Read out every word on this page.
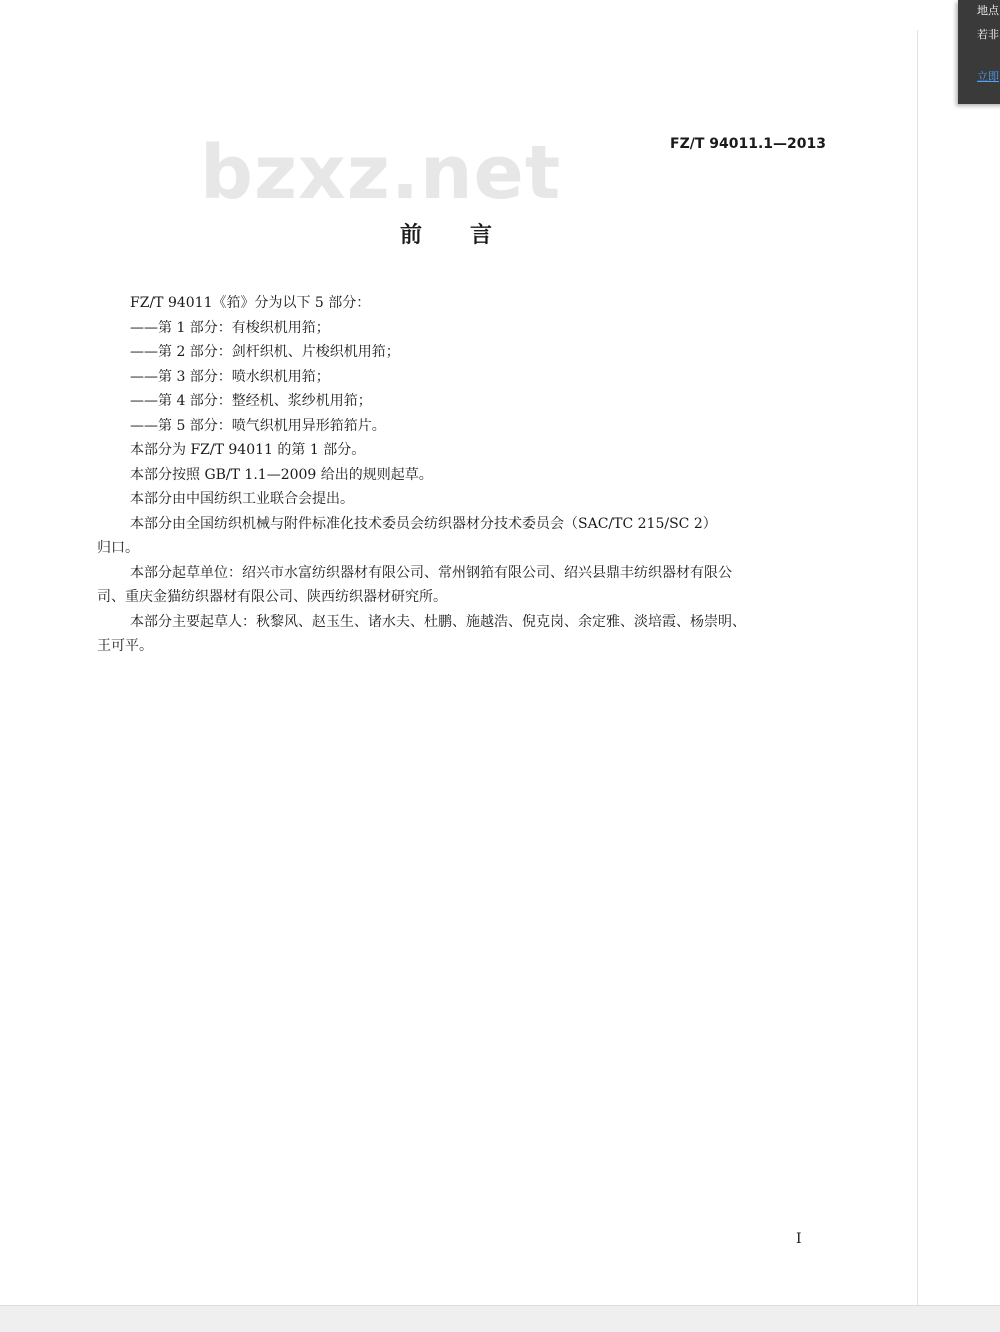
bzxz.net	FZ/T 94011.1—2013
前言

FZ/T 94011《筘》分为以下 5 部分：

——第 1 部分：有梭织机用筘；

——第 2 部分：剑杆织机、片梭织机用筘；

——第 3 部分：喷水织机用筘；

——第 4 部分：整经机、浆纱机用筘；

——第 5 部分：喷气织机用异形筘筘片。

本部分为 FZ/T 94011 的第 1 部分。

本部分按照 GB/T 1.1—2009 给出的规则起草。

本部分由中国纺织工业联合会提出。

本部分由全国纺织机械与附件标准化技术委员会纺织器材分技术委员会（SAC/TC 215/SC 2）

归口。

本部分起草单位：绍兴市水富纺织器材有限公司、常州钢筘有限公司、绍兴县鼎丰纺织器材有限公

司、重庆金猫纺织器材有限公司、陕西纺织器材研究所。

本部分主要起草人：秋黎风、赵玉生、诸水夫、杜鹏、施越浩、倪克岗、余定雅、淡培霞、杨崇明、

王可平。

I
地点
若非
立即
